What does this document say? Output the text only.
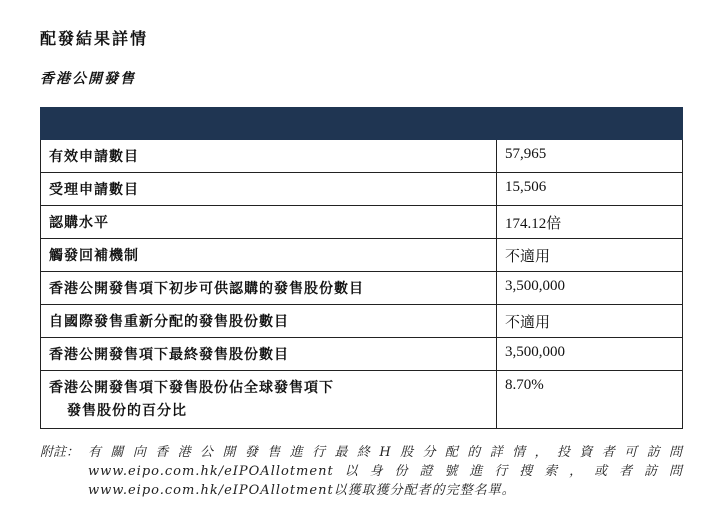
配發結果詳情
香港公開發售

有效申請數目	57,965
受理申請數目	15,506
認購水平	174.12倍
觸發回補機制	不適用
香港公開發售項下初步可供認購的發售股份數目	3,500,000
自國際發售重新分配的發售股份數目	不適用
香港公開發售項下最終發售股份數目	3,500,000
香港公開發售項下發售股份佔全球發售項下
發售股份的百分比	8.70%
附註： 有關向香港公開發售進行最終H股分配的詳情，投資者可訪問www.eipo.com.hk/eIPOAllotment以身份證號進行搜索，或者訪問www.eipo.com.hk/eIPOAllotment以獲取獲分配者的完整名單。
